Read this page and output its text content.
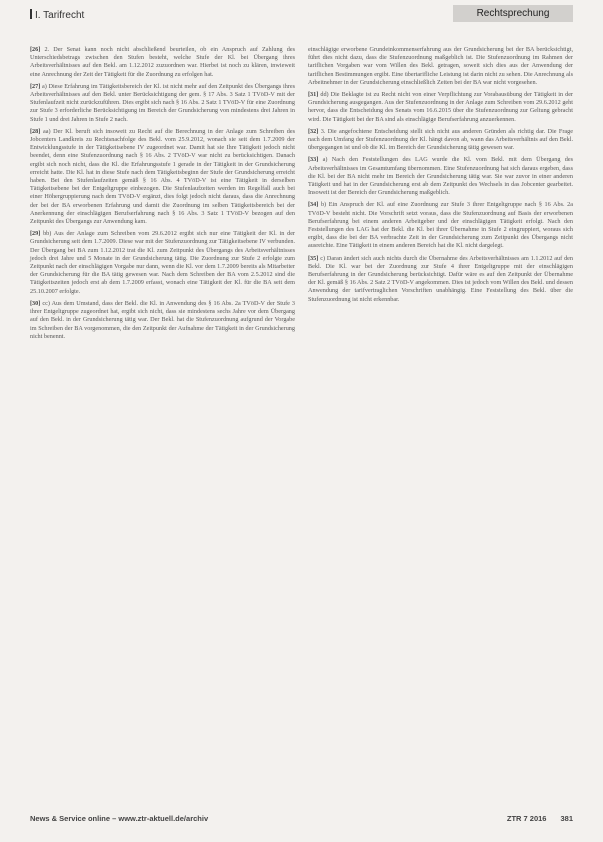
I. Tarifrecht	Rechtsprechung

[26] 2. Der Senat kann noch nicht abschließend beurteilen, ob ein Anspruch auf Zahlung des Unterschiedsbetrags zwischen den Stufen besteht, welche Stufe der Kl. bei Übergang ihres Arbeitsverhältnisses auf den Bekl. am 1.12.2012 zuzuordnen war. Hierbei ist noch zu klären, inwieweit eine Anrechnung der Zeit der Tätigkeit für die Zuordnung zu erfolgen hat.

[27] a) Diese Erfahrung im Tätigkeitsbereich der Kl. ist nicht mehr auf den Zeitpunkt des Übergangs ihres Arbeitsverhältnisses auf den Bekl. unter Berücksichtigung der gem. § 17 Abs. 3 Satz 1 TVöD-V mit der Stufenlaufzeit nicht zurückzuführen. Dies ergibt sich nach § 16 Abs. 2 Satz 1 TVöD-V für eine Zuordnung zur Stufe 3 erforderliche Berücksichtigung im Bereich der Grundsicherung von mindestens drei Jahren in Stufe 1 und drei Jahren in Stufe 2 nach.

[28] aa) Der Kl. beruft sich insoweit zu Recht auf die Berechnung in der Anlage zum Schreiben des Jobcenters Landkreis zu Rechtsnachfolge des Bekl. vom 25.9.2012, wonach sie seit dem 1.7.2009 der Entwicklungsstufe in der Tätigkeitsebene IV zugeordnet war. Damit hat sie Ihre Tätigkeit jedoch nicht beendet, denn eine Stufenzuordnung nach § 16 Abs. 2 TVöD-V war nicht zu berücksichtigen. Danach ergibt sich noch nicht, dass die Kl. die Erfahrungsstufe 1 gerade in der Tätigkeit in der Grundsicherung erreicht hatte. Die Kl. hat in diese Stufe nach dem Tätigkeitsbeginn der Stufe der Grundsicherung erreicht haben. Bei den Stufenlaufzeiten gemäß § 16 Abs. 4 TVöD-V ist eine Tätigkeit in derselben Tätigkeitsebene bei der Entgeltgruppe einbezogen. Die Stufenlaufzeiten werden im Regelfall auch bei einer Höhergruppierung nach dem TVöD-V ergänzt, dies folgt jedoch nicht daraus, dass die Anrechnung der bei der BA erworbenen Erfahrung und damit die Zuordnung im selben Tätigkeitsbereich bei der Anerkennung der einschlägigen Berufserfahrung nach § 16 Abs. 3 Satz 1 TVöD-V bezogen auf den Zeitpunkt des Übergangs zur Anwendung kam.

[29] bb) Aus der Anlage zum Schreiben vom 29.6.2012 ergibt sich nur eine Tätigkeit der Kl. in der Grundsicherung seit dem 1.7.2009. Diese war mit der Stufenzuordnung zur Tätigkeitsebene IV verbunden. Der Übergang bei BA zum 1.12.2012 trat die Kl. zum Zeitpunkt des Übergangs des Arbeitsverhältnisses jedoch drei Jahre und 5 Monate in der Grundsicherung tätig. Die Zuordnung zur Stufe 2 erfolgte zum Zeitpunkt nach der einschlägigen Vorgabe nur dann, wenn die Kl. vor dem 1.7.2009 bereits als Mitarbeiter der Grundsicherung für die BA tätig gewesen war. Nach dem Schreiben der BA vom 2.5.2012 sind die Tätigkeitszeiten jedoch erst ab dem 1.7.2009 erfasst, wonach eine Tätigkeit der Kl. für die BA seit dem 25.10.2007 erfolgte.

[30] cc) Aus dem Umstand, dass der Bekl. die Kl. in Anwendung des § 16 Abs. 2a TVöD-V der Stufe 3 ihrer Entgeltgruppe zugeordnet hat, ergibt sich nicht, dass sie mindestens sechs Jahre vor dem Übergang auf den Bekl. in der Grundsicherung tätig war. Der Bekl. hat die Stufenzuordnung aufgrund der Vorgabe im Schreiben der BA vorgenommen, die den Zeitpunkt der Aufnahme der Tätigkeit in der Grundsicherung nicht benennt.

einschlägige erworbene Grundeinkommenserfahrung aus der Grundsicherung bei der BA berücksichtigt, führt dies nicht dazu, dass die Stufenzuordnung maßgeblich ist. Die Stufenzuordnung im Rahmen der tariflichen Vorgaben war vom Willen des Bekl. getragen, soweit sich dies aus der Anwendung der tariflichen Bestimmungen ergibt. Eine übertarifliche Leistung ist darin nicht zu sehen. Die Anrechnung als Arbeitnehmer in der Grundsicherung einschließlich Zeiten bei der BA war nicht vorgesehen.

[31] dd) Die Beklagte ist zu Recht nicht von einer Verpflichtung zur Vorabausübung der Tätigkeit in der Grundsicherung ausgegangen. Aus der Stufenzuordnung in der Anlage zum Schreiben vom 29.6.2012 geht hervor, dass die Entscheidung des Senats vom 16.6.2015 über die Stufenzuordnung zur Geltung gebracht wird. Die Tätigkeit bei der BA sind als einschlägige Berufserfahrung anzuerkennen.

[32] 3. Die angefochtene Entscheidung stellt sich nicht aus anderen Gründen als richtig dar. Die Frage nach dem Umfang der Stufenzuordnung der Kl. hängt davon ab, wann das Arbeitsverhältnis auf den Bekl. übergegangen ist und ob die Kl. im Bereich der Grundsicherung tätig gewesen war.

[33] a) Nach den Feststellungen des LAG wurde die Kl. vom Bekl. mit dem Übergang des Arbeitsverhältnisses im Gesamtumfang übernommen. Eine Stufenzuordnung hat sich daraus ergeben, dass die Kl. bei der BA nicht mehr im Bereich der Grundsicherung tätig war. Sie war zuvor in einer anderen Tätigkeit und hat in der Grundsicherung erst ab dem Zeitpunkt des Wechsels in das Jobcenter gearbeitet. Insoweit ist der Bereich der Grundsicherung maßgeblich.

[34] b) Ein Anspruch der Kl. auf eine Zuordnung zur Stufe 3 ihrer Entgeltgruppe nach § 16 Abs. 2a TVöD-V besteht nicht. Die Vorschrift setzt voraus, dass die Stufenzuordnung auf Basis der erworbenen Berufserfahrung bei einem anderen Arbeitgeber und der einschlägigen Tätigkeit erfolgt. Nach den Feststellungen des LAG hat der Bekl. die Kl. bei ihrer Übernahme in Stufe 2 eingruppiert, woraus sich ergibt, dass die bei der BA verbrachte Zeit in der Grundsicherung zum Zeitpunkt des Übergangs nicht ausreichte. Eine Tätigkeit in einem anderen Bereich hat die Kl. nicht dargelegt.

[35] c) Daran ändert sich auch nichts durch die Übernahme des Arbeitsverhältnisses am 1.1.2012 auf den Bekl. Die Kl. war bei der Zuordnung zur Stufe 4 ihrer Entgeltgruppe mit der einschlägigen Berufserfahrung in der Grundsicherung berücksichtigt. Dafür wäre es auf den Zeitpunkt der Übernahme der Kl. gemäß § 16 Abs. 2 Satz 2 TVöD-V angekommen. Dies ist jedoch vom Willen des Bekl. und dessen Anwendung der tarifvertraglichen Vorschriften unabhängig. Eine Feststellung des Bekl. über die Stufenzuordnung ist nicht erkennbar.

News & Service online – www.ztr-aktuell.de/archiv	ZTR 7 2016 381
